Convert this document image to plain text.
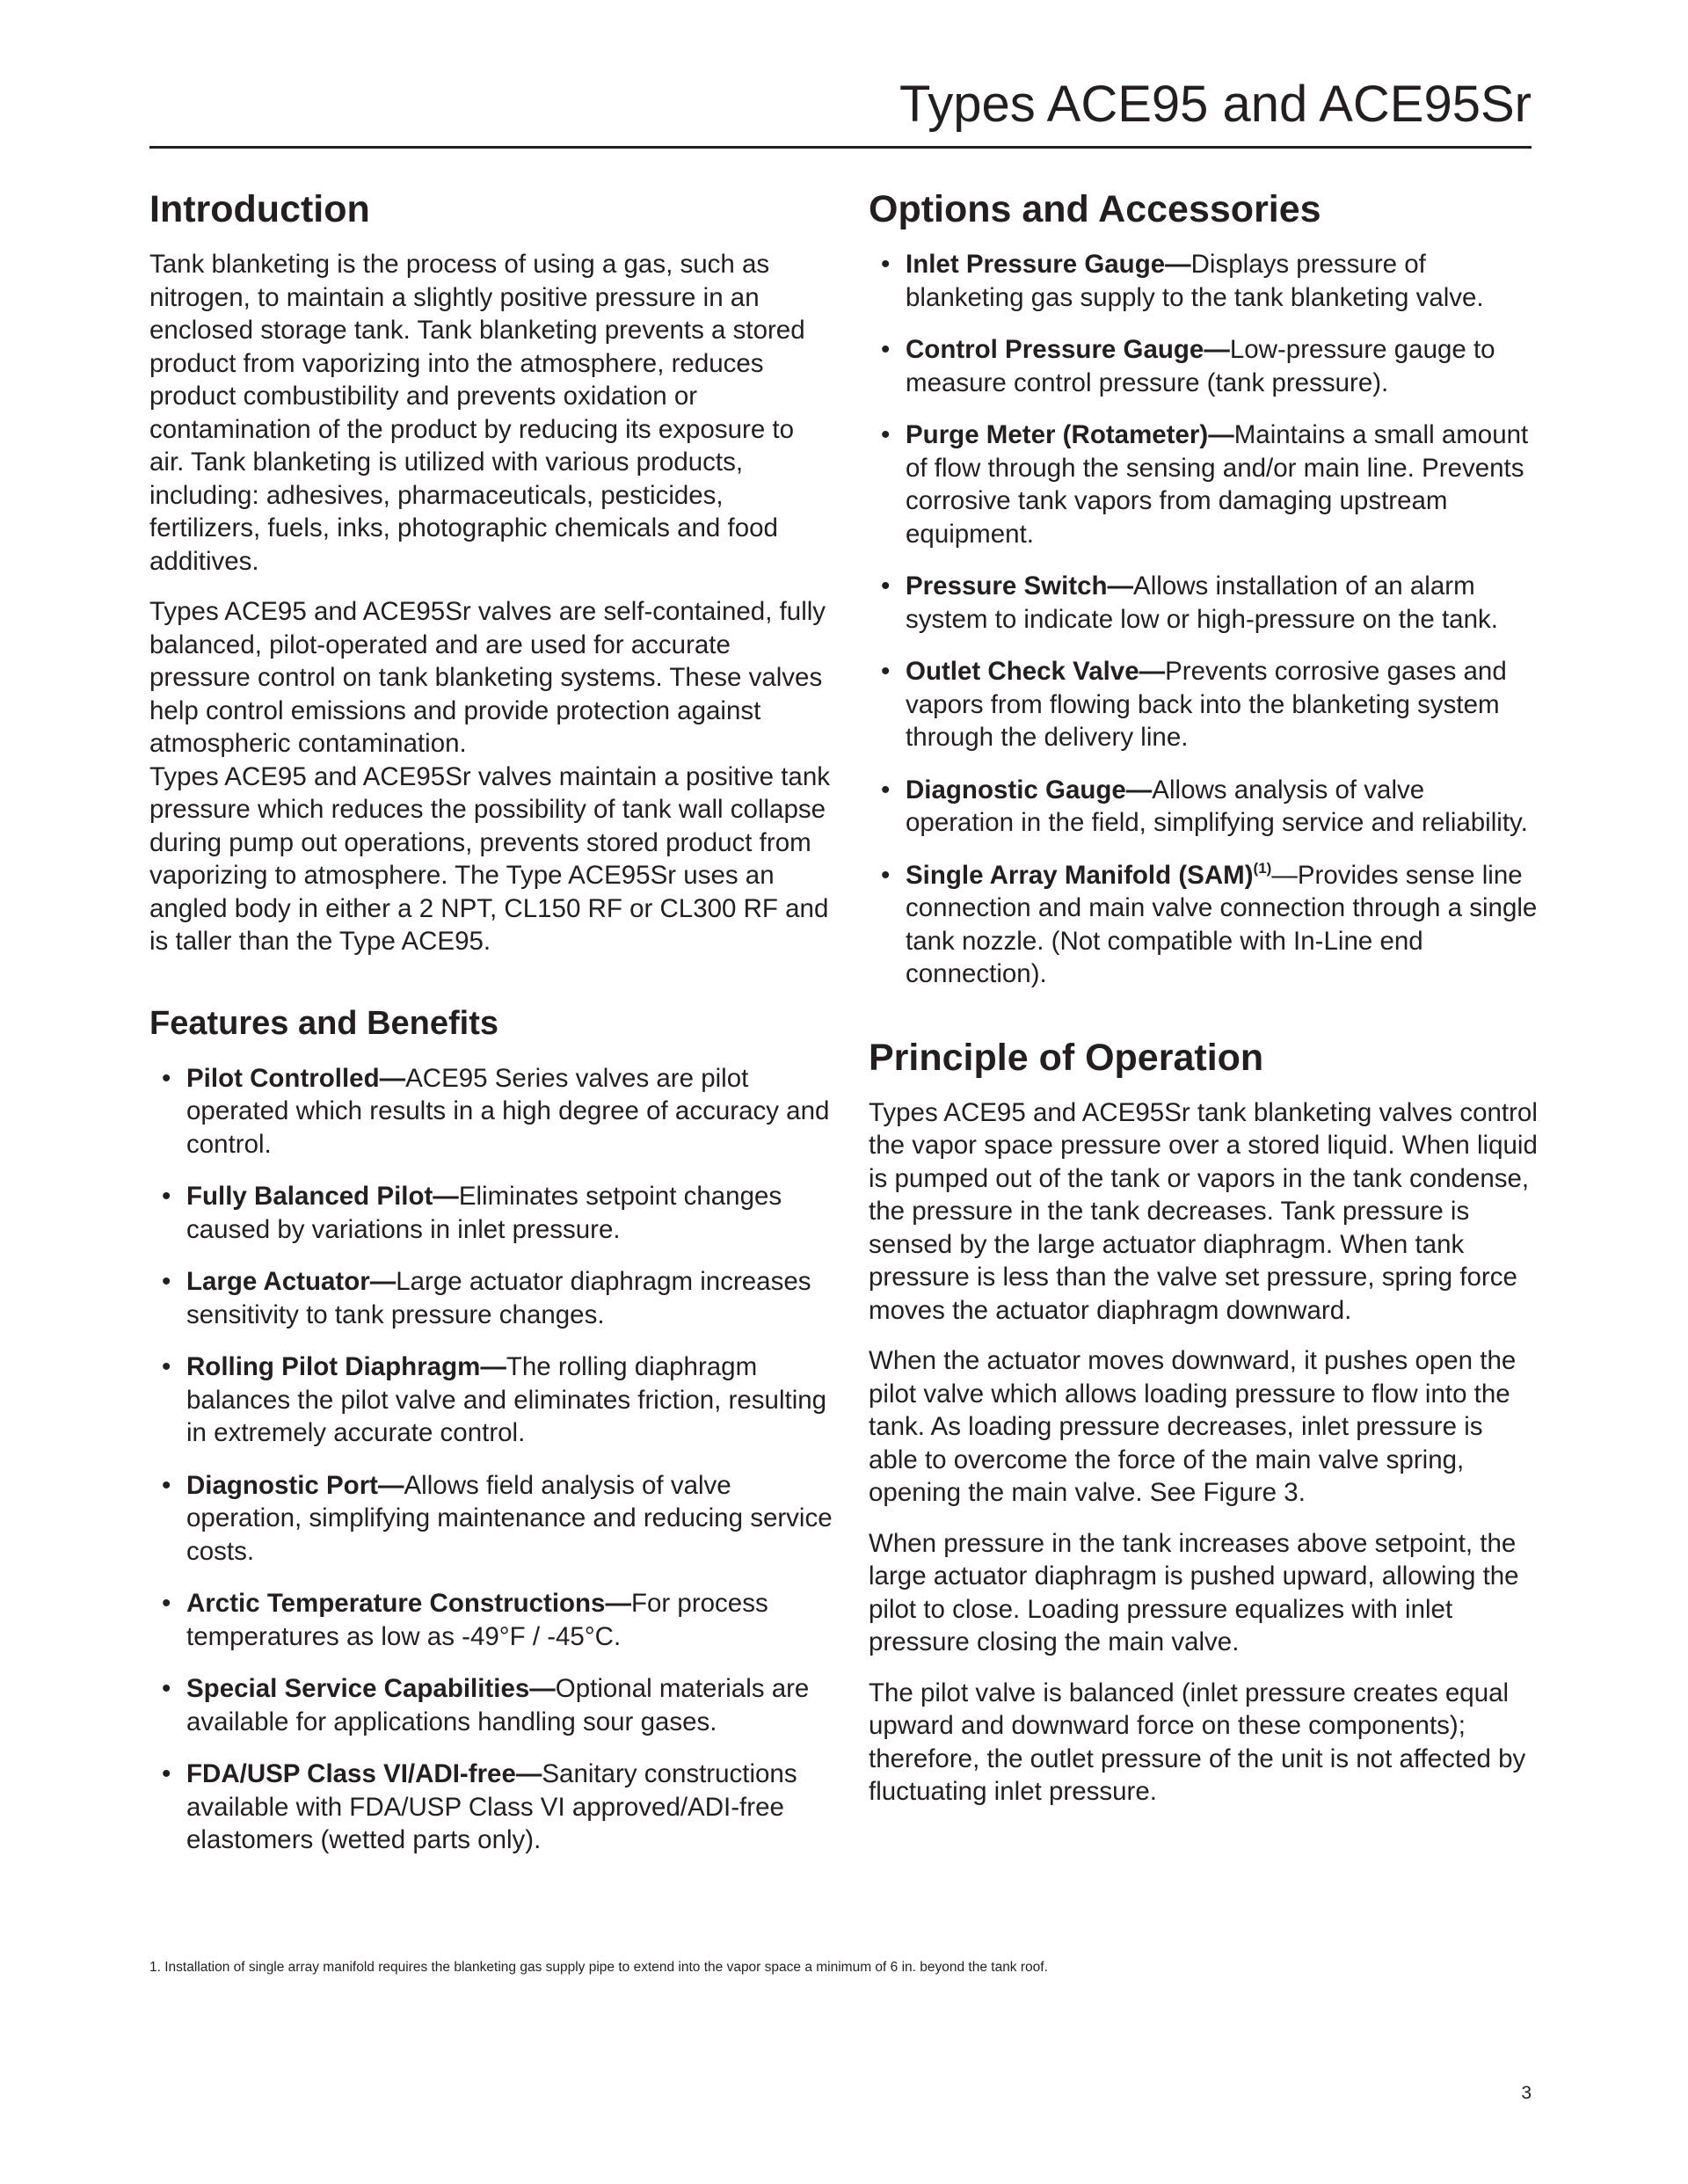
Types ACE95 and ACE95Sr
Introduction

Tank blanketing is the process of using a gas, such as nitrogen, to maintain a slightly positive pressure in an enclosed storage tank. Tank blanketing prevents a stored product from vaporizing into the atmosphere, reduces product combustibility and prevents oxidation or contamination of the product by reducing its exposure to air. Tank blanketing is utilized with various products, including: adhesives, pharmaceuticals, pesticides, fertilizers, fuels, inks, photographic chemicals and food additives.

Types ACE95 and ACE95Sr valves are self-contained, fully balanced, pilot-operated and are used for accurate pressure control on tank blanketing systems. These valves help control emissions and provide protection against atmospheric contamination.

Types ACE95 and ACE95Sr valves maintain a positive tank pressure which reduces the possibility of tank wall collapse during pump out operations, prevents stored product from vaporizing to atmosphere. The Type ACE95Sr uses an angled body in either a 2 NPT, CL150 RF or CL300 RF and is taller than the Type ACE95.

Features and Benefits
• Pilot Controlled—ACE95 Series valves are pilot operated which results in a high degree of accuracy and control.
• Fully Balanced Pilot—Eliminates setpoint changes caused by variations in inlet pressure.
• Large Actuator—Large actuator diaphragm increases sensitivity to tank pressure changes.
• Rolling Pilot Diaphragm—The rolling diaphragm balances the pilot valve and eliminates friction, resulting in extremely accurate control.
• Diagnostic Port—Allows field analysis of valve operation, simplifying maintenance and reducing service costs.
• Arctic Temperature Constructions—For process temperatures as low as -49°F / -45°C.
• Special Service Capabilities—Optional materials are available for applications handling sour gases.
• FDA/USP Class VI/ADI-free—Sanitary constructions available with FDA/USP Class VI approved/ADI-free elastomers (wetted parts only).
Options and Accessories
• Inlet Pressure Gauge—Displays pressure of blanketing gas supply to the tank blanketing valve.
• Control Pressure Gauge—Low-pressure gauge to measure control pressure (tank pressure).
• Purge Meter (Rotameter)—Maintains a small amount of flow through the sensing and/or main line. Prevents corrosive tank vapors from damaging upstream equipment.
• Pressure Switch—Allows installation of an alarm system to indicate low or high-pressure on the tank.
• Outlet Check Valve—Prevents corrosive gases and vapors from flowing back into the blanketing system through the delivery line.
• Diagnostic Gauge—Allows analysis of valve operation in the field, simplifying service and reliability.
• Single Array Manifold (SAM)$^{(1)}$—Provides sense line connection and main valve connection through a single tank nozzle. (Not compatible with In-Line end connection).
Principle of Operation

Types ACE95 and ACE95Sr tank blanketing valves control the vapor space pressure over a stored liquid. When liquid is pumped out of the tank or vapors in the tank condense, the pressure in the tank decreases. Tank pressure is sensed by the large actuator diaphragm. When tank pressure is less than the valve set pressure, spring force moves the actuator diaphragm downward.

When the actuator moves downward, it pushes open the pilot valve which allows loading pressure to flow into the tank. As loading pressure decreases, inlet pressure is able to overcome the force of the main valve spring, opening the main valve. See Figure 3.

When pressure in the tank increases above setpoint, the large actuator diaphragm is pushed upward, allowing the pilot to close. Loading pressure equalizes with inlet pressure closing the main valve.

The pilot valve is balanced (inlet pressure creates equal upward and downward force on these components); therefore, the outlet pressure of the unit is not affected by fluctuating inlet pressure.

1. Installation of single array manifold requires the blanketing gas supply pipe to extend into the vapor space a minimum of 6 in. beyond the tank roof.
3
